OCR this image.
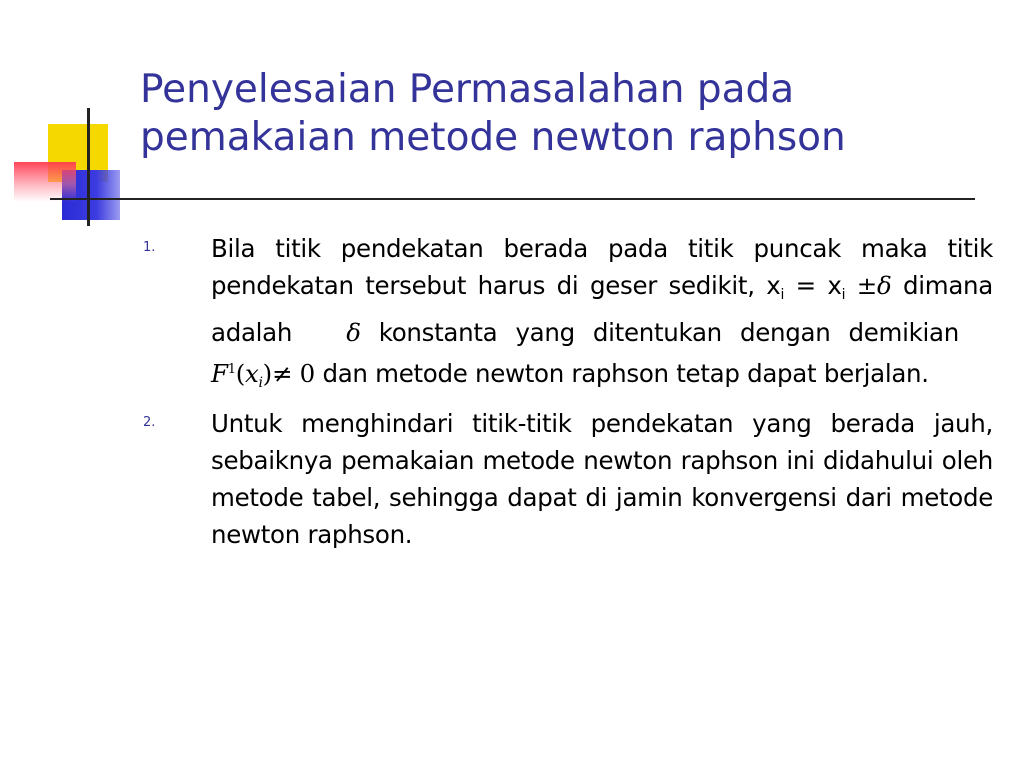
Penyelesaian Permasalahan pada
pemakaian metode newton raphson
1. Bila titik pendekatan berada pada titik puncak maka titik pendekatan tersebut harus di geser sedikit, $x_i = x_i \pm\delta$ dimana adalah δ konstanta yang ditentukan dengan demikian $F^1(x_i)\ne 0$ dan metode newton raphson tetap dapat berjalan.
2. Untuk menghindari titik-titik pendekatan yang berada jauh, sebaiknya pemakaian metode newton raphson ini didahului oleh metode tabel, sehingga dapat di jamin konvergensi dari metode newton raphson.
